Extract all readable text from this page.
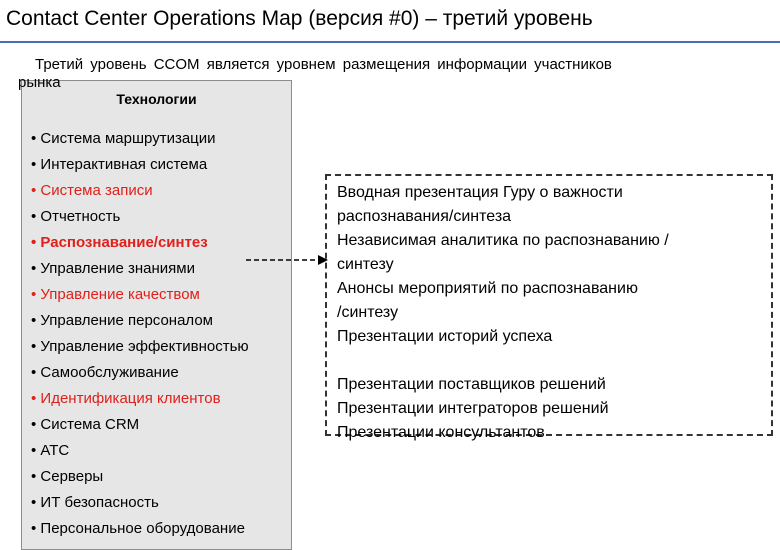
Contact Center Operations Map (версия #0) – третий уровень
Технологии
• Система маршрутизации
• Интерактивная система
• Система записи
• Отчетность
• Распознавание/синтез
• Управление знаниями
• Управление качеством
• Управление персоналом
• Управление эффективностью
• Самообслуживание
• Идентификация клиентов
• Система CRM
• АТС
• Серверы
• ИТ безопасность
• Персональное оборудование
Третий уровень CCOM является уровнем размещения информации участников
рынка
Вводная презентация Гуру о важности
распознавания/синтеза
Независимая аналитика по распознаванию /
синтезу
Анонсы мероприятий по распознаванию
/синтезу
Презентации историй успеха
Презентации поставщиков решений
Презентации интеграторов решений
Презентации консультантов
